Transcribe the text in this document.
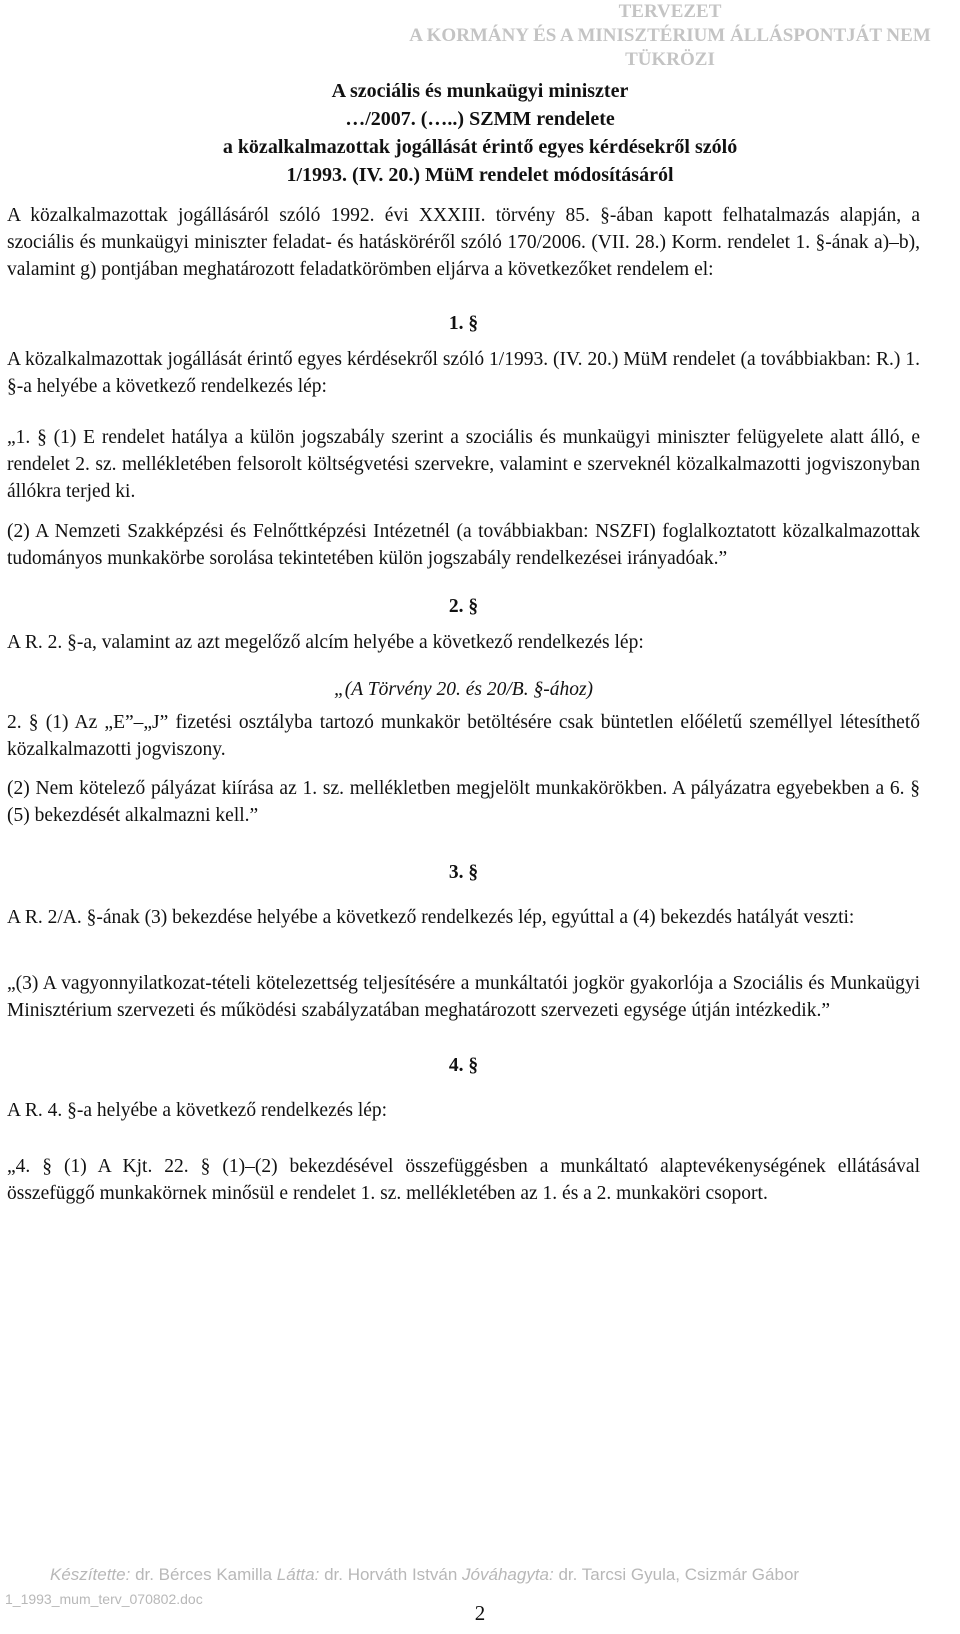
TERVEZET
A KORMÁNY ÉS A MINISZTÉRIUM ÁLLÁSPONTJÁT NEM TÜKRÖZI
A szociális és munkaügyi miniszter
…/2007. (…..) SZMM rendelete
a közalkalmazottak jogállását érintő egyes kérdésekről szóló
1/1993. (IV. 20.) MüM rendelet módosításáról

A közalkalmazottak jogállásáról szóló 1992. évi XXXIII. törvény 85. §-ában kapott felhatalmazás alapján, a szociális és munkaügyi miniszter feladat- és hatásköréről szóló 170/2006. (VII. 28.) Korm. rendelet 1. §-ának a)–b), valamint g) pontjában meghatározott feladatkörömben eljárva a következőket rendelem el:

1. §

A közalkalmazottak jogállását érintő egyes kérdésekről szóló 1/1993. (IV. 20.) MüM rendelet (a továbbiakban: R.) 1. §-a helyébe a következő rendelkezés lép:

„1. § (1) E rendelet hatálya a külön jogszabály szerint a szociális és munkaügyi miniszter felügyelete alatt álló, e rendelet 2. sz. mellékletében felsorolt költségvetési szervekre, valamint e szerveknél közalkalmazotti jogviszonyban állókra terjed ki.

(2) A Nemzeti Szakképzési és Felnőttképzési Intézetnél (a továbbiakban: NSZFI) foglalkoztatott közalkalmazottak tudományos munkakörbe sorolása tekintetében külön jogszabály rendelkezései irányadóak.”

2. §

A R. 2. §-a, valamint az azt megelőző alcím helyébe a következő rendelkezés lép:

„(A Törvény 20. és 20/B. §-ához)

2. § (1) Az „E”–„J” fizetési osztályba tartozó munkakör betöltésére csak büntetlen előéletű személlyel létesíthető közalkalmazotti jogviszony.

(2) Nem kötelező pályázat kiírása az 1. sz. mellékletben megjelölt munkakörökben. A pályázatra egyebekben a 6. § (5) bekezdését alkalmazni kell.”

3. §

A R. 2/A. §-ának (3) bekezdése helyébe a következő rendelkezés lép, egyúttal a (4) bekezdés hatályát veszti:

„(3) A vagyonnyilatkozat-tételi kötelezettség teljesítésére a munkáltatói jogkör gyakorlója a Szociális és Munkaügyi Minisztérium szervezeti és működési szabályzatában meghatározott szervezeti egysége útján intézkedik.”

4. §

A R. 4. §-a helyébe a következő rendelkezés lép:

„4. § (1) A Kjt. 22. § (1)–(2) bekezdésével összefüggésben a munkáltató alaptevékenységének ellátásával összefüggő munkakörnek minősül e rendelet 1. sz. mellékletében az 1. és a 2. munkaköri csoport.

Készítette: dr. Bérces Kamilla Látta: dr. Horváth István Jóváhagyta: dr. Tarcsi Gyula, Csizmár Gábor
1_1993_mum_terv_070802.doc
2
